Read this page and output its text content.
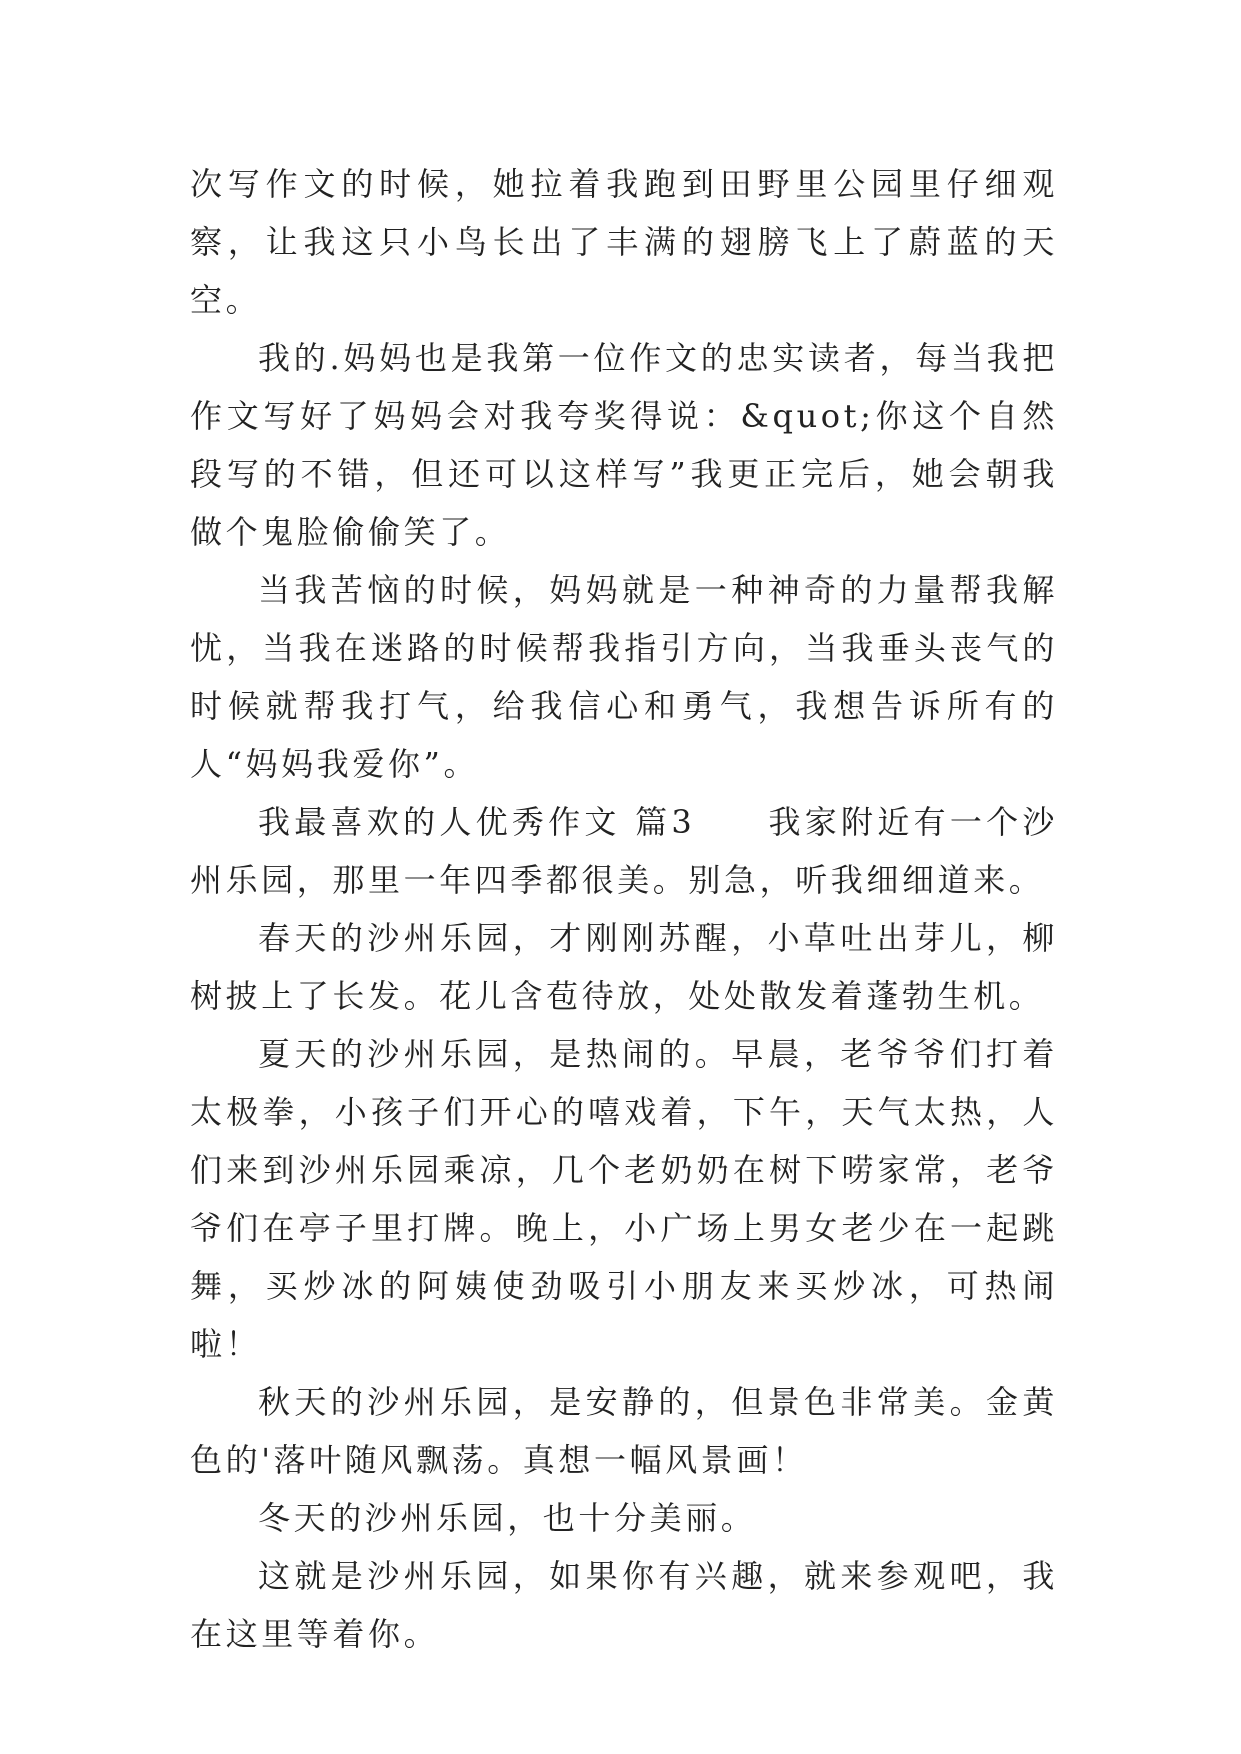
次写作文的时候，她拉着我跑到田野里公园里仔细观察，让我这只小鸟长出了丰满的翅膀飞上了蔚蓝的天空。

我的.妈妈也是我第一位作文的忠实读者，每当我把作文写好了妈妈会对我夸奖得说：&quot;你这个自然段写的不错，但还可以这样写”我更正完后，她会朝我做个鬼脸偷偷笑了。

当我苦恼的时候，妈妈就是一种神奇的力量帮我解忧，当我在迷路的时候帮我指引方向，当我垂头丧气的时候就帮我打气，给我信心和勇气，我想告诉所有的人“妈妈我爱你”。

我最喜欢的人优秀作文 篇3　　我家附近有一个沙州乐园，那里一年四季都很美。别急，听我细细道来。

春天的沙州乐园，才刚刚苏醒，小草吐出芽儿，柳树披上了长发。花儿含苞待放，处处散发着蓬勃生机。

夏天的沙州乐园，是热闹的。早晨，老爷爷们打着太极拳，小孩子们开心的嘻戏着，下午，天气太热，人们来到沙州乐园乘凉，几个老奶奶在树下唠家常，老爷爷们在亭子里打牌。晚上，小广场上男女老少在一起跳舞，买炒冰的阿姨使劲吸引小朋友来买炒冰，可热闹啦！

秋天的沙州乐园，是安静的，但景色非常美。金黄色的'落叶随风飘荡。真想一幅风景画！

冬天的沙州乐园，也十分美丽。

这就是沙州乐园，如果你有兴趣，就来参观吧，我在这里等着你。
